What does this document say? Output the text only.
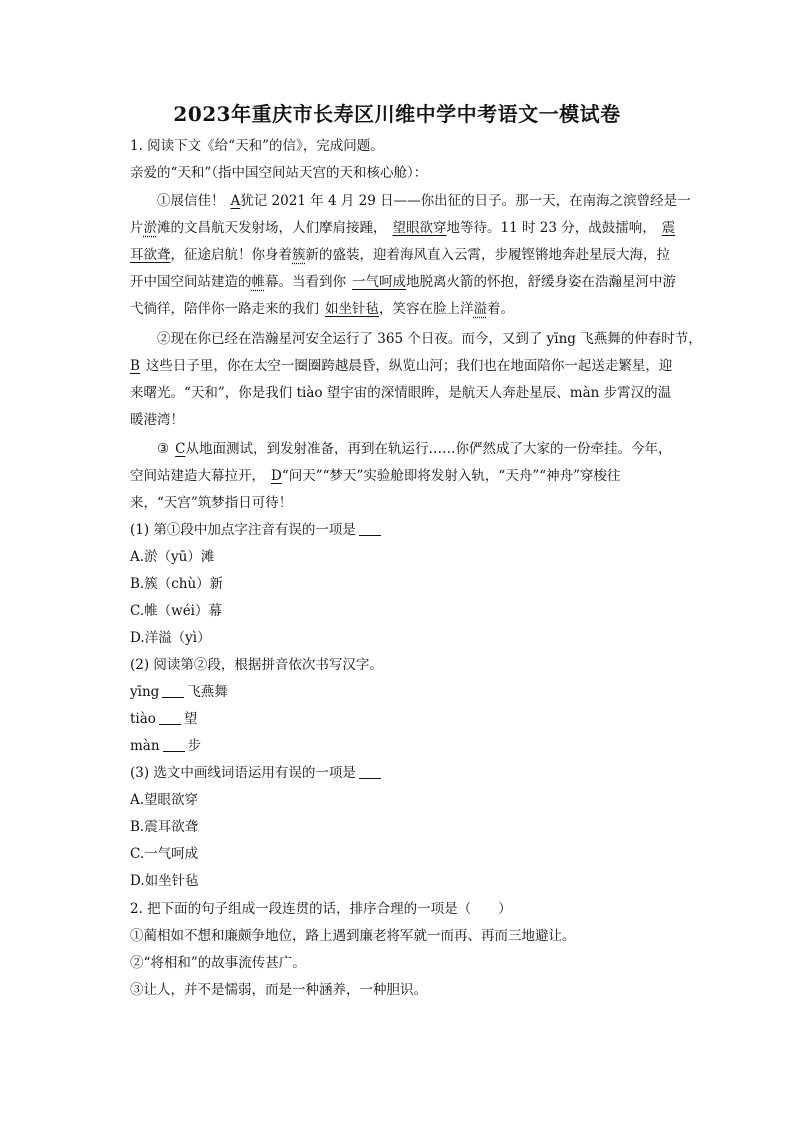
2023年重庆市长寿区川维中学中考语文一模试卷
1. 阅读下文《给“天和”的信》，完成问题。
亲爱的“天和”（指中国空间站天宫的天和核心舱）：
①展信佳！ A犹记 2021 年 4 月 29 日——你出征的日子。那一天，在南海之滨曾经是一
片淤滩的文昌航天发射场，人们摩肩接踵， 望眼欲穿地等待。11 时 23 分，战鼓擂响， 震
耳欲聋，征途启航！你身着簇新的盛装，迎着海风直入云霄，步履铿锵地奔赴星辰大海，拉
开中国空间站建造的帷幕。当看到你 一气呵成地脱离火箭的怀抱，舒缓身姿在浩瀚星河中游
弋徜徉，陪伴你一路走来的我们 如坐针毡，笑容在脸上洋溢着。
②现在你已经在浩瀚星河安全运行了 365 个日夜。而今，又到了 yīng 飞燕舞的仲春时节，
B 这些日子里，你在太空一圈圈跨越晨昏，纵览山河；我们也在地面陪你一起送走繁星，迎
来曙光。“天和”，你是我们 tiào 望宇宙的深情眼眸，是航天人奔赴星辰、màn 步霄汉的温
暖港湾！
③ C从地面测试，到发射准备，再到在轨运行……你俨然成了大家的一份牵挂。今年，
空间站建造大幕拉开， D“问天”“梦天”实验舱即将发射入轨，“天舟”“神舟”穿梭往
来，“天宫”筑梦指日可待！
(1) 第①段中加点字注音有误的一项是
A.淤（yū）滩
B.簇（chù）新
C.帷（wéi）幕
D.洋溢（yì）
(2) 阅读第②段，根据拼音依次书写汉字。
yīng 飞燕舞
tiào 望
màn 步
(3) 选文中画线词语运用有误的一项是
A.望眼欲穿
B.震耳欲聋
C.一气呵成
D.如坐针毡
2. 把下面的句子组成一段连贯的话，排序合理的一项是（　　）
①蔺相如不想和廉颇争地位，路上遇到廉老将军就一而再、再而三地避让。
②“将相和”的故事流传甚广。
③让人，并不是懦弱，而是一种涵养，一种胆识。
